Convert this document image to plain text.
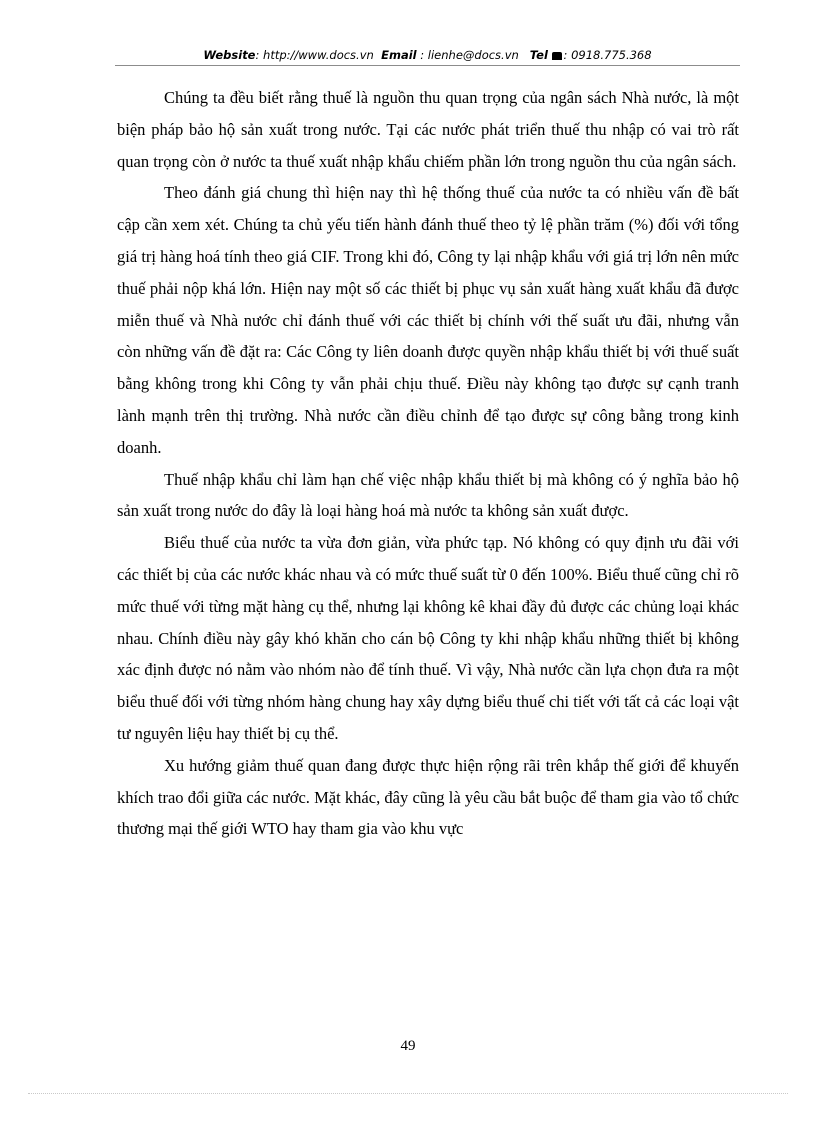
Website: http://www.docs.vn Email : lienhe@docs.vn Tel : 0918.775.368

Chúng ta đều biết rằng thuế là nguồn thu quan trọng của ngân sách Nhà nước, là một biện pháp bảo hộ sản xuất trong nước. Tại các nước phát triển thuế thu nhập có vai trò rất quan trọng còn ở nước ta thuế xuất nhập khẩu chiếm phần lớn trong nguồn thu của ngân sách.

Theo đánh giá chung thì hiện nay thì hệ thống thuế của nước ta có nhiều vấn đề bất cập cần xem xét. Chúng ta chủ yếu tiến hành đánh thuế theo tỷ lệ phần trăm (%) đối với tổng giá trị hàng hoá tính theo giá CIF. Trong khi đó, Công ty lại nhập khẩu với giá trị lớn nên mức thuế phải nộp khá lớn. Hiện nay một số các thiết bị phục vụ sản xuất hàng xuất khẩu đã được miễn thuế và Nhà nước chỉ đánh thuế với các thiết bị chính với thế suất ưu đãi, nhưng vẫn còn những vấn đề đặt ra: Các Công ty liên doanh được quyền nhập khẩu thiết bị với thuế suất bằng không trong khi Công ty vẫn phải chịu thuế. Điều này không tạo được sự cạnh tranh lành mạnh trên thị trường. Nhà nước cần điều chỉnh để tạo được sự công bằng trong kinh doanh.

Thuế nhập khẩu chỉ làm hạn chế việc nhập khẩu thiết bị mà không có ý nghĩa bảo hộ sản xuất trong nước do đây là loại hàng hoá mà nước ta không sản xuất được.

Biểu thuế của nước ta vừa đơn giản, vừa phức tạp. Nó không có quy định ưu đãi với các thiết bị của các nước khác nhau và có mức thuế suất từ 0 đến 100%. Biểu thuế cũng chỉ rõ mức thuế với từng mặt hàng cụ thể, nhưng lại không kê khai đầy đủ được các chủng loại khác nhau. Chính điều này gây khó khăn cho cán bộ Công ty khi nhập khẩu những thiết bị không xác định được nó nằm vào nhóm nào để tính thuế. Vì vậy, Nhà nước cần lựa chọn đưa ra một biểu thuế đối với từng nhóm hàng chung hay xây dựng biểu thuế chi tiết với tất cả các loại vật tư nguyên liệu hay thiết bị cụ thể.

Xu hướng giảm thuế quan đang được thực hiện rộng rãi trên khắp thế giới để khuyến khích trao đổi giữa các nước. Mặt khác, đây cũng là yêu cầu bắt buộc để tham gia vào tổ chức thương mại thế giới WTO hay tham gia vào khu vực

49
